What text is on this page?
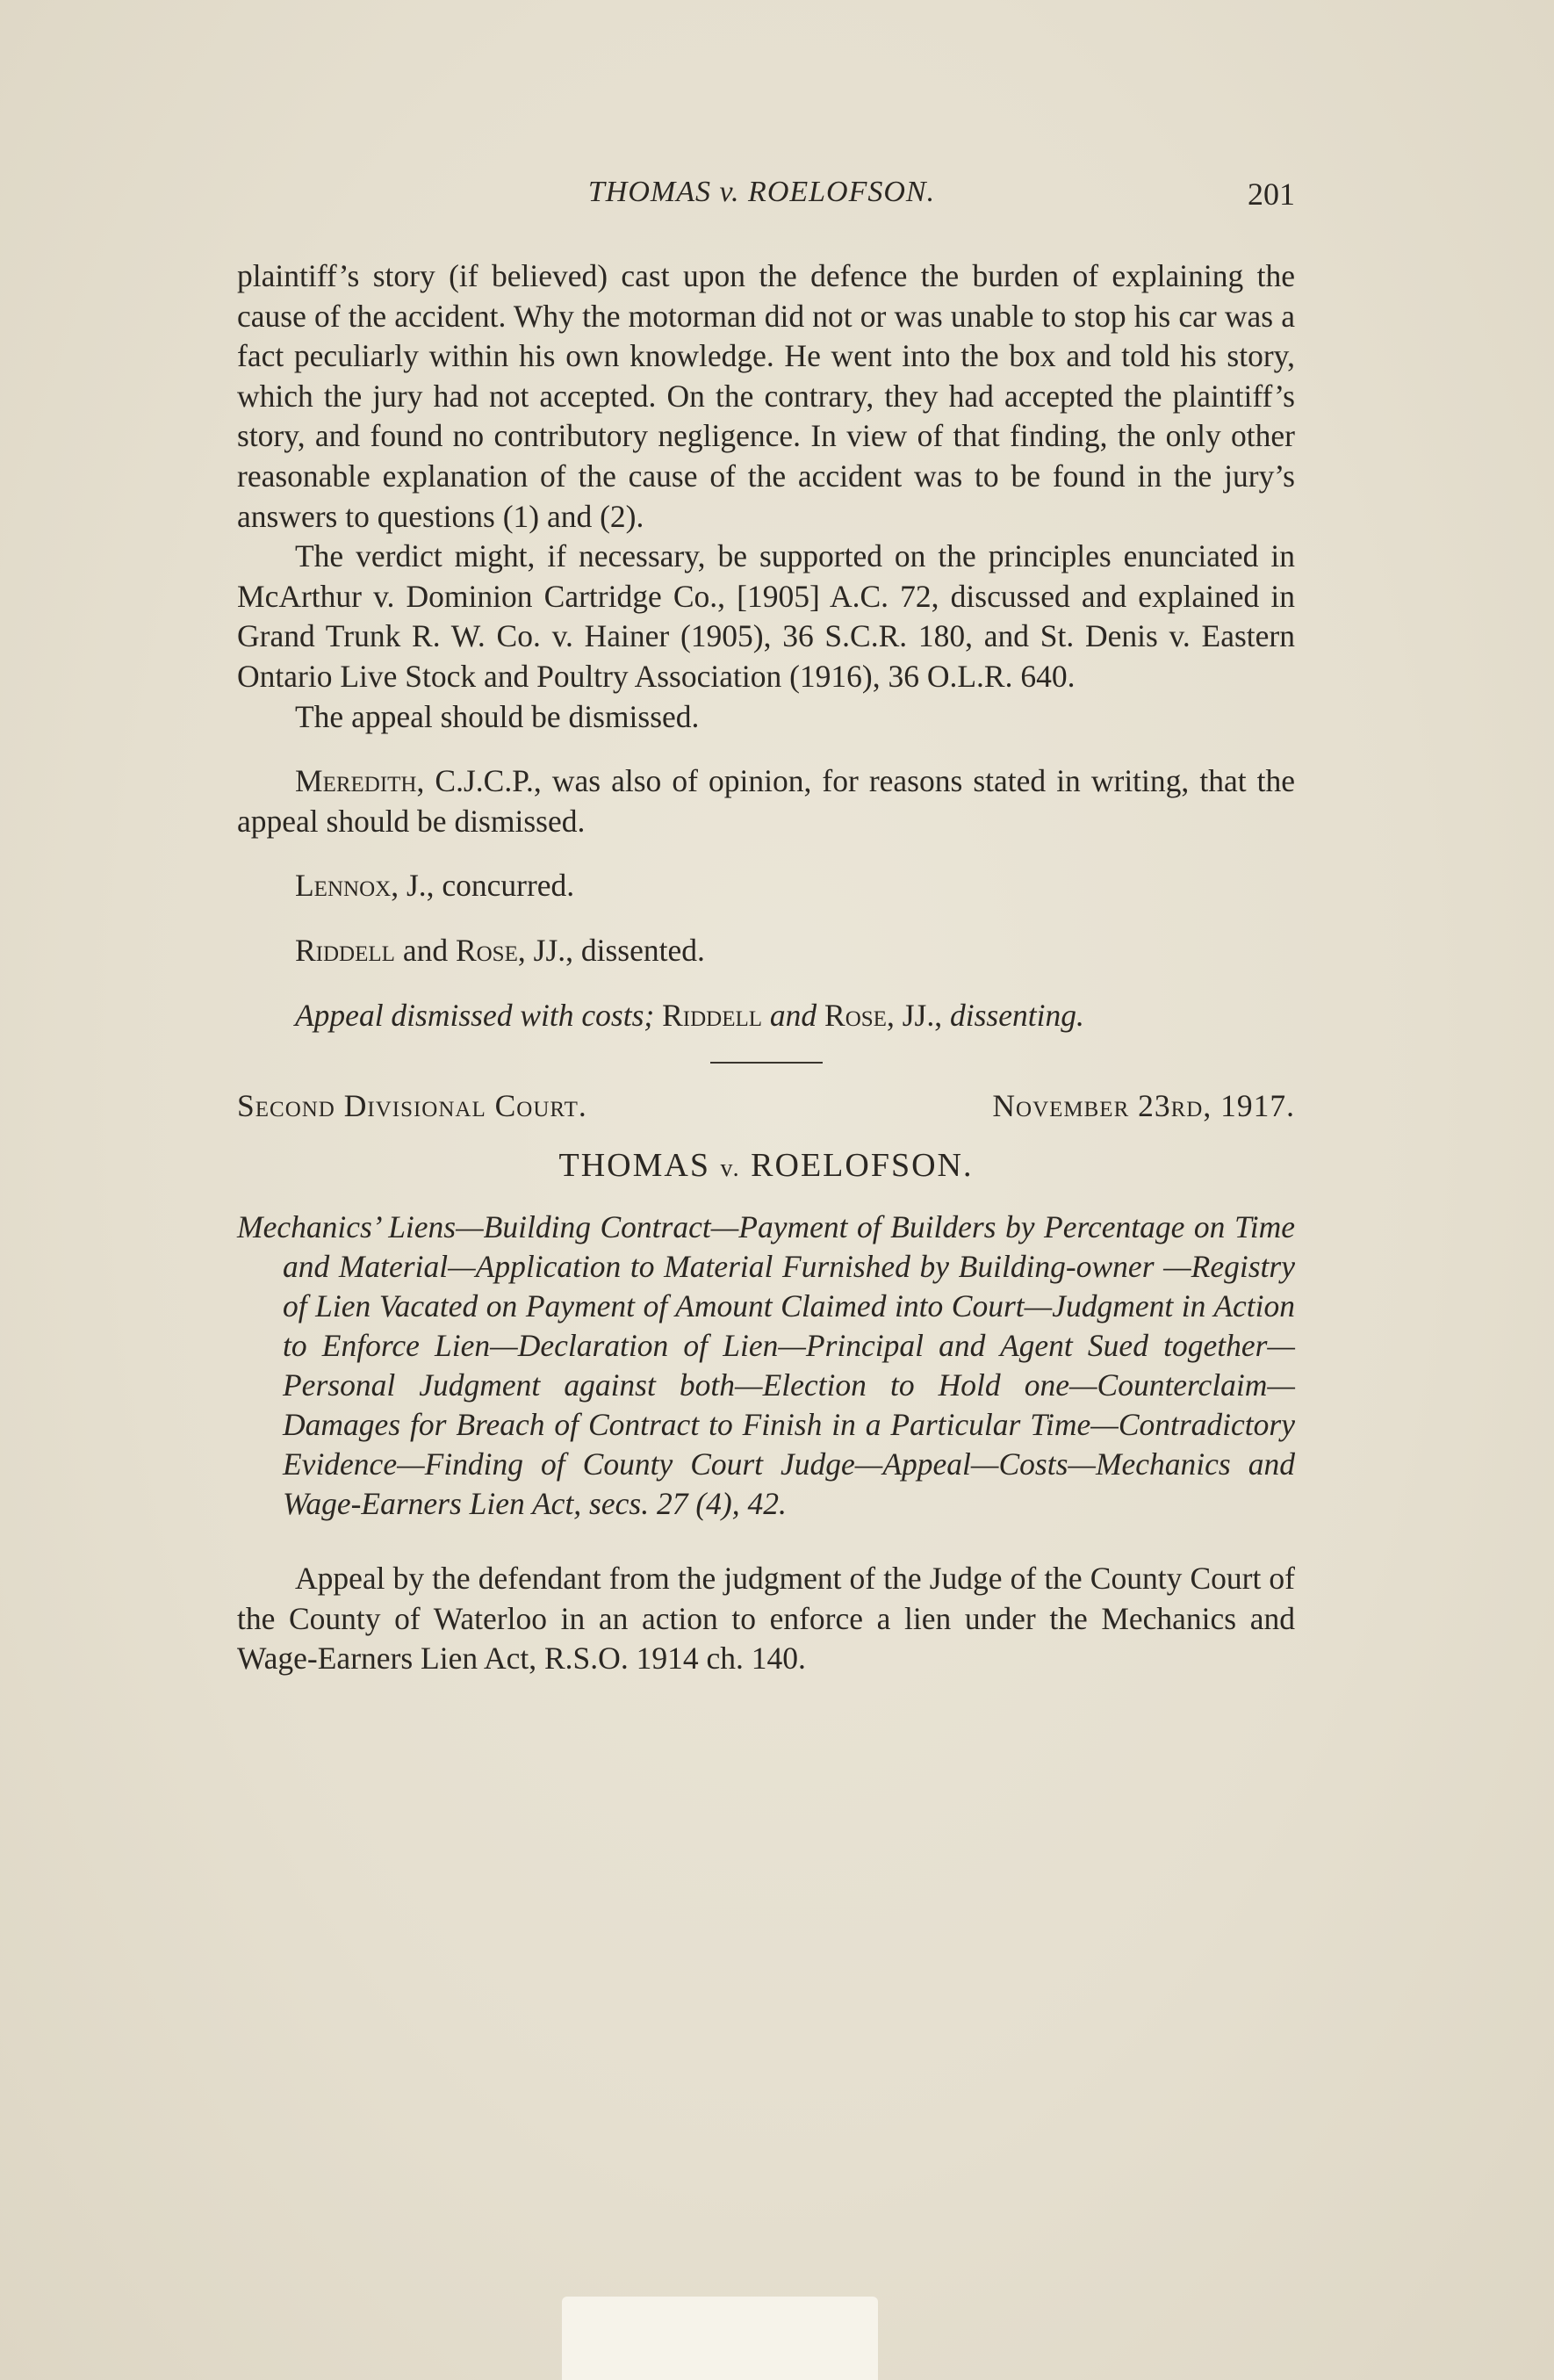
THOMAS v. ROELOFSON.	201

plaintiff’s story (if believed) cast upon the defence the burden of explaining the cause of the accident. Why the motorman did not or was unable to stop his car was a fact peculiarly within his own knowledge. He went into the box and told his story, which the jury had not accepted. On the contrary, they had accepted the plaintiff’s story, and found no contributory negligence. In view of that finding, the only other reasonable explanation of the cause of the accident was to be found in the jury’s answers to questions (1) and (2).

The verdict might, if necessary, be supported on the principles enunciated in McArthur v. Dominion Cartridge Co., [1905] A.C. 72, discussed and explained in Grand Trunk R. W. Co. v. Hainer (1905), 36 S.C.R. 180, and St. Denis v. Eastern Ontario Live Stock and Poultry Association (1916), 36 O.L.R. 640.

The appeal should be dismissed.

Meredith, C.J.C.P., was also of opinion, for reasons stated in writing, that the appeal should be dismissed.

Lennox, J., concurred.

Riddell and Rose, JJ., dissented.

Appeal dismissed with costs; Riddell and Rose, JJ., dissenting.

Second Divisional Court.	November 23rd, 1917.
THOMAS v. ROELOFSON.

Mechanics’ Liens—Building Contract—Payment of Builders by Percentage on Time and Material—Application to Material Furnished by Building-owner —Registry of Lien Vacated on Payment of Amount Claimed into Court—Judgment in Action to Enforce Lien—Declaration of Lien—Principal and Agent Sued together—Personal Judgment against both—Election to Hold one—Counterclaim—Damages for Breach of Contract to Finish in a Particular Time—Contradictory Evidence—Finding of County Court Judge—Appeal—Costs—Mechanics and Wage-Earners Lien Act, secs. 27 (4), 42.

Appeal by the defendant from the judgment of the Judge of the County Court of the County of Waterloo in an action to enforce a lien under the Mechanics and Wage-Earners Lien Act, R.S.O. 1914 ch. 140.
